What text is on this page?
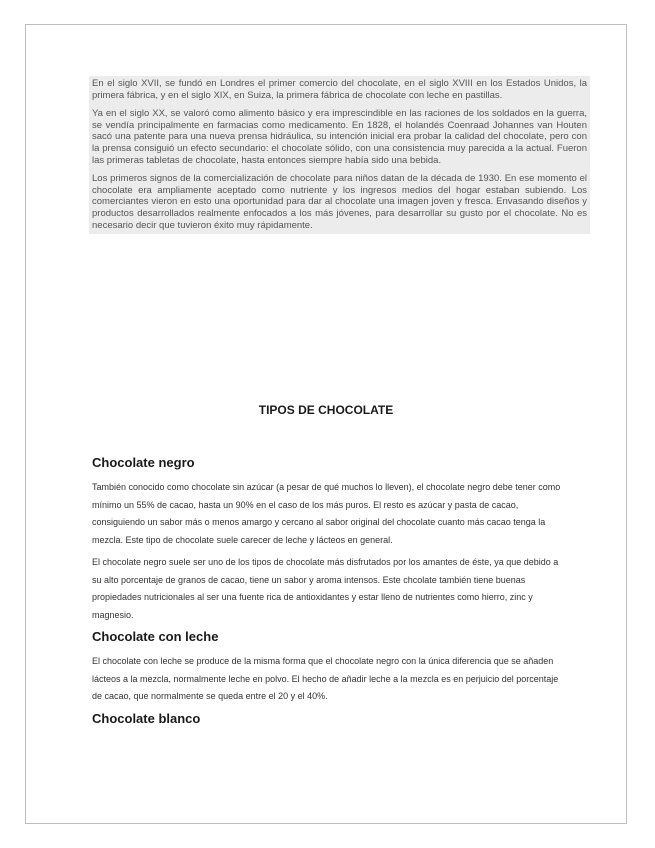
En el siglo XVII, se fundó en Londres el primer comercio del chocolate, en el siglo XVIII en los Estados Unidos, la primera fábrica, y en el siglo XIX, en Suiza, la primera fábrica de chocolate con leche en pastillas.

Ya en el siglo XX, se valoró como alimento básico y era imprescindible en las raciones de los soldados en la guerra, se vendía principalmente en farmacias como medicamento. En 1828, el holandés Coenraad Johannes van Houten sacó una patente para una nueva prensa hidráulica, su intención inicial era probar la calidad del chocolate, pero con la prensa consiguió un efecto secundario: el chocolate sólido, con una consistencia muy parecida a la actual. Fueron las primeras tabletas de chocolate, hasta entonces siempre había sido una bebida.

Los primeros signos de la comercialización de chocolate para niños datan de la década de 1930. En ese momento el chocolate era ampliamente aceptado como nutriente y los ingresos medios del hogar estaban subiendo. Los comerciantes vieron en esto una oportunidad para dar al chocolate una imagen joven y fresca. Envasando diseños y productos desarrollados realmente enfocados a los más jóvenes, para desarrollar su gusto por el chocolate. No es necesario decir que tuvieron éxito muy rápidamente.

TIPOS DE CHOCOLATE
Chocolate negro

También conocido como chocolate sin azúcar (a pesar de qué muchos lo lleven), el chocolate negro debe tener como mínimo un 55% de cacao, hasta un 90% en el caso de los más puros. El resto es azúcar y pasta de cacao, consiguiendo un sabor más o menos amargo y cercano al sabor original del chocolate cuanto más cacao tenga la mezcla. Este tipo de chocolate suele carecer de leche y lácteos en general.

El chocolate negro suele ser uno de los tipos de chocolate más disfrutados por los amantes de éste, ya que debido a su alto porcentaje de granos de cacao, tiene un sabor y aroma intensos. Este chcolate también tiene buenas propiedades nutricionales al ser una fuente rica de antioxidantes y estar lleno de nutrientes como hierro, zinc y magnesio.

Chocolate con leche

El chocolate con leche se produce de la misma forma que el chocolate negro con la única diferencia que se añaden lácteos a la mezcla, normalmente leche en polvo. El hecho de añadir leche a la mezcla es en perjuicio del porcentaje de cacao, que normalmente se queda entre el 20 y el 40%.

Chocolate blanco
